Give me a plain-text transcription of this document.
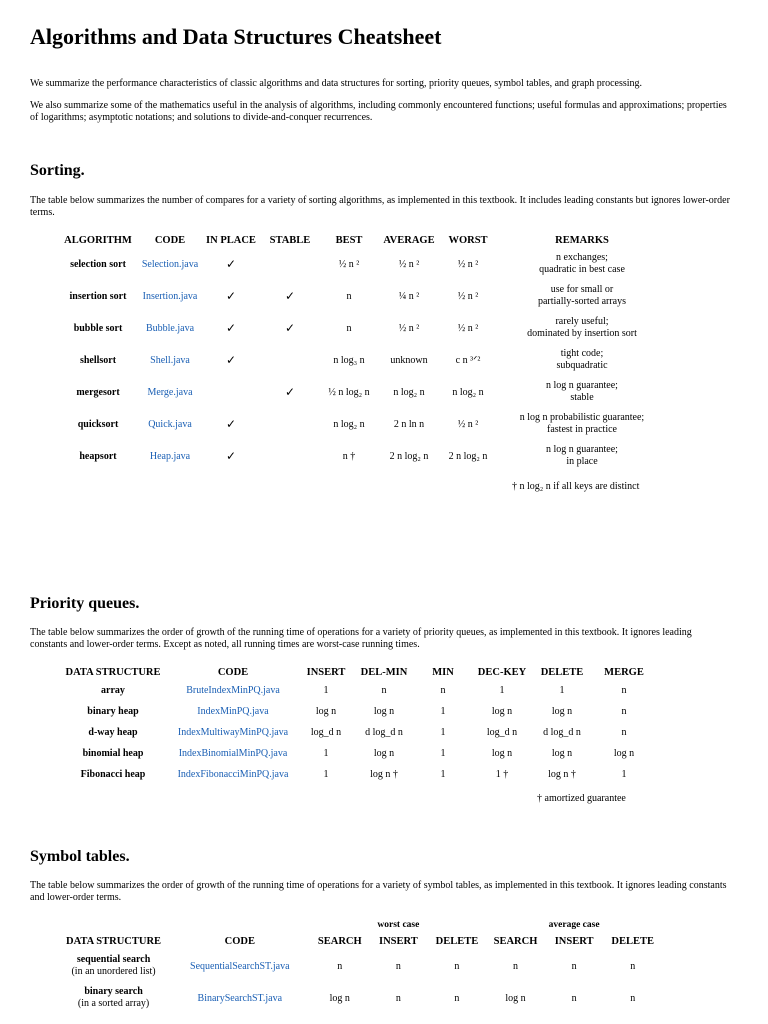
Algorithms and Data Structures Cheatsheet

We summarize the performance characteristics of classic algorithms and data structures for sorting, priority queues, symbol tables, and graph processing.

We also summarize some of the mathematics useful in the analysis of algorithms, including commonly encountered functions; useful formulas and approximations; properties of logarithms; asymptotic notations; and solutions to divide-and-conquer recurrences.

Sorting.

The table below summarizes the number of compares for a variety of sorting algorithms, as implemented in this textbook. It includes leading constants but ignores lower-order terms.

ALGORITHM	CODE	IN PLACE	STABLE	BEST	AVERAGE	WORST	REMARKS
selection sort	Selection.java	✓		½ n ²	½ n ²	½ n ²	n exchanges;
quadratic in best case

insertion sort	Insertion.java	✓	✓	n	¼ n ²	½ n ²	use for small or
partially-sorted arrays

bubble sort	Bubble.java	✓	✓	n	½ n ²	½ n ²	rarely useful;
dominated by insertion sort

shellsort	Shell.java	✓		n log₃ n	unknown	c n ³ᐟ²	tight code;
subquadratic

mergesort	Merge.java		✓	½ n log₂ n	n log₂ n	n log₂ n	n log n guarantee;
stable

quicksort	Quick.java	✓		n log₂ n	2 n ln n	½ n ²	n log n probabilistic guarantee;
fastest in practice

heapsort	Heap.java	✓		n †	2 n log₂ n	2 n log₂ n	n log n guarantee;
in place
† n log₂ n if all keys are distinct
Priority queues.

The table below summarizes the order of growth of the running time of operations for a variety of priority queues, as implemented in this textbook. It ignores leading constants and lower-order terms. Except as noted, all running times are worst-case running times.

DATA STRUCTURE	CODE	INSERT	DEL-MIN	MIN	DEC-KEY	DELETE	MERGE
array	BruteIndexMinPQ.java	1	n	n	1	1	n
binary heap	IndexMinPQ.java	log n	log n	1	log n	log n	n
d-way heap	IndexMultiwayMinPQ.java	log_d n	d log_d n	1	log_d n	d log_d n	n
binomial heap	IndexBinomialMinPQ.java	1	log n	1	log n	log n	log n
Fibonacci heap	IndexFibonacciMinPQ.java	1	log n †	1	1 †	log n †	1
† amortized guarantee
Symbol tables.

The table below summarizes the order of growth of the running time of operations for a variety of symbol tables, as implemented in this textbook. It ignores leading constants and lower-order terms.

		worst case			average case		
DATA STRUCTURE	CODE	SEARCH	INSERT	DELETE	SEARCH	INSERT	DELETE

sequential search
(in an unordered list)	SequentialSearchST.java	n	n	n	n	n	n

binary search
(in a sorted array)	BinarySearchST.java	log n	n	n	log n	n	n
